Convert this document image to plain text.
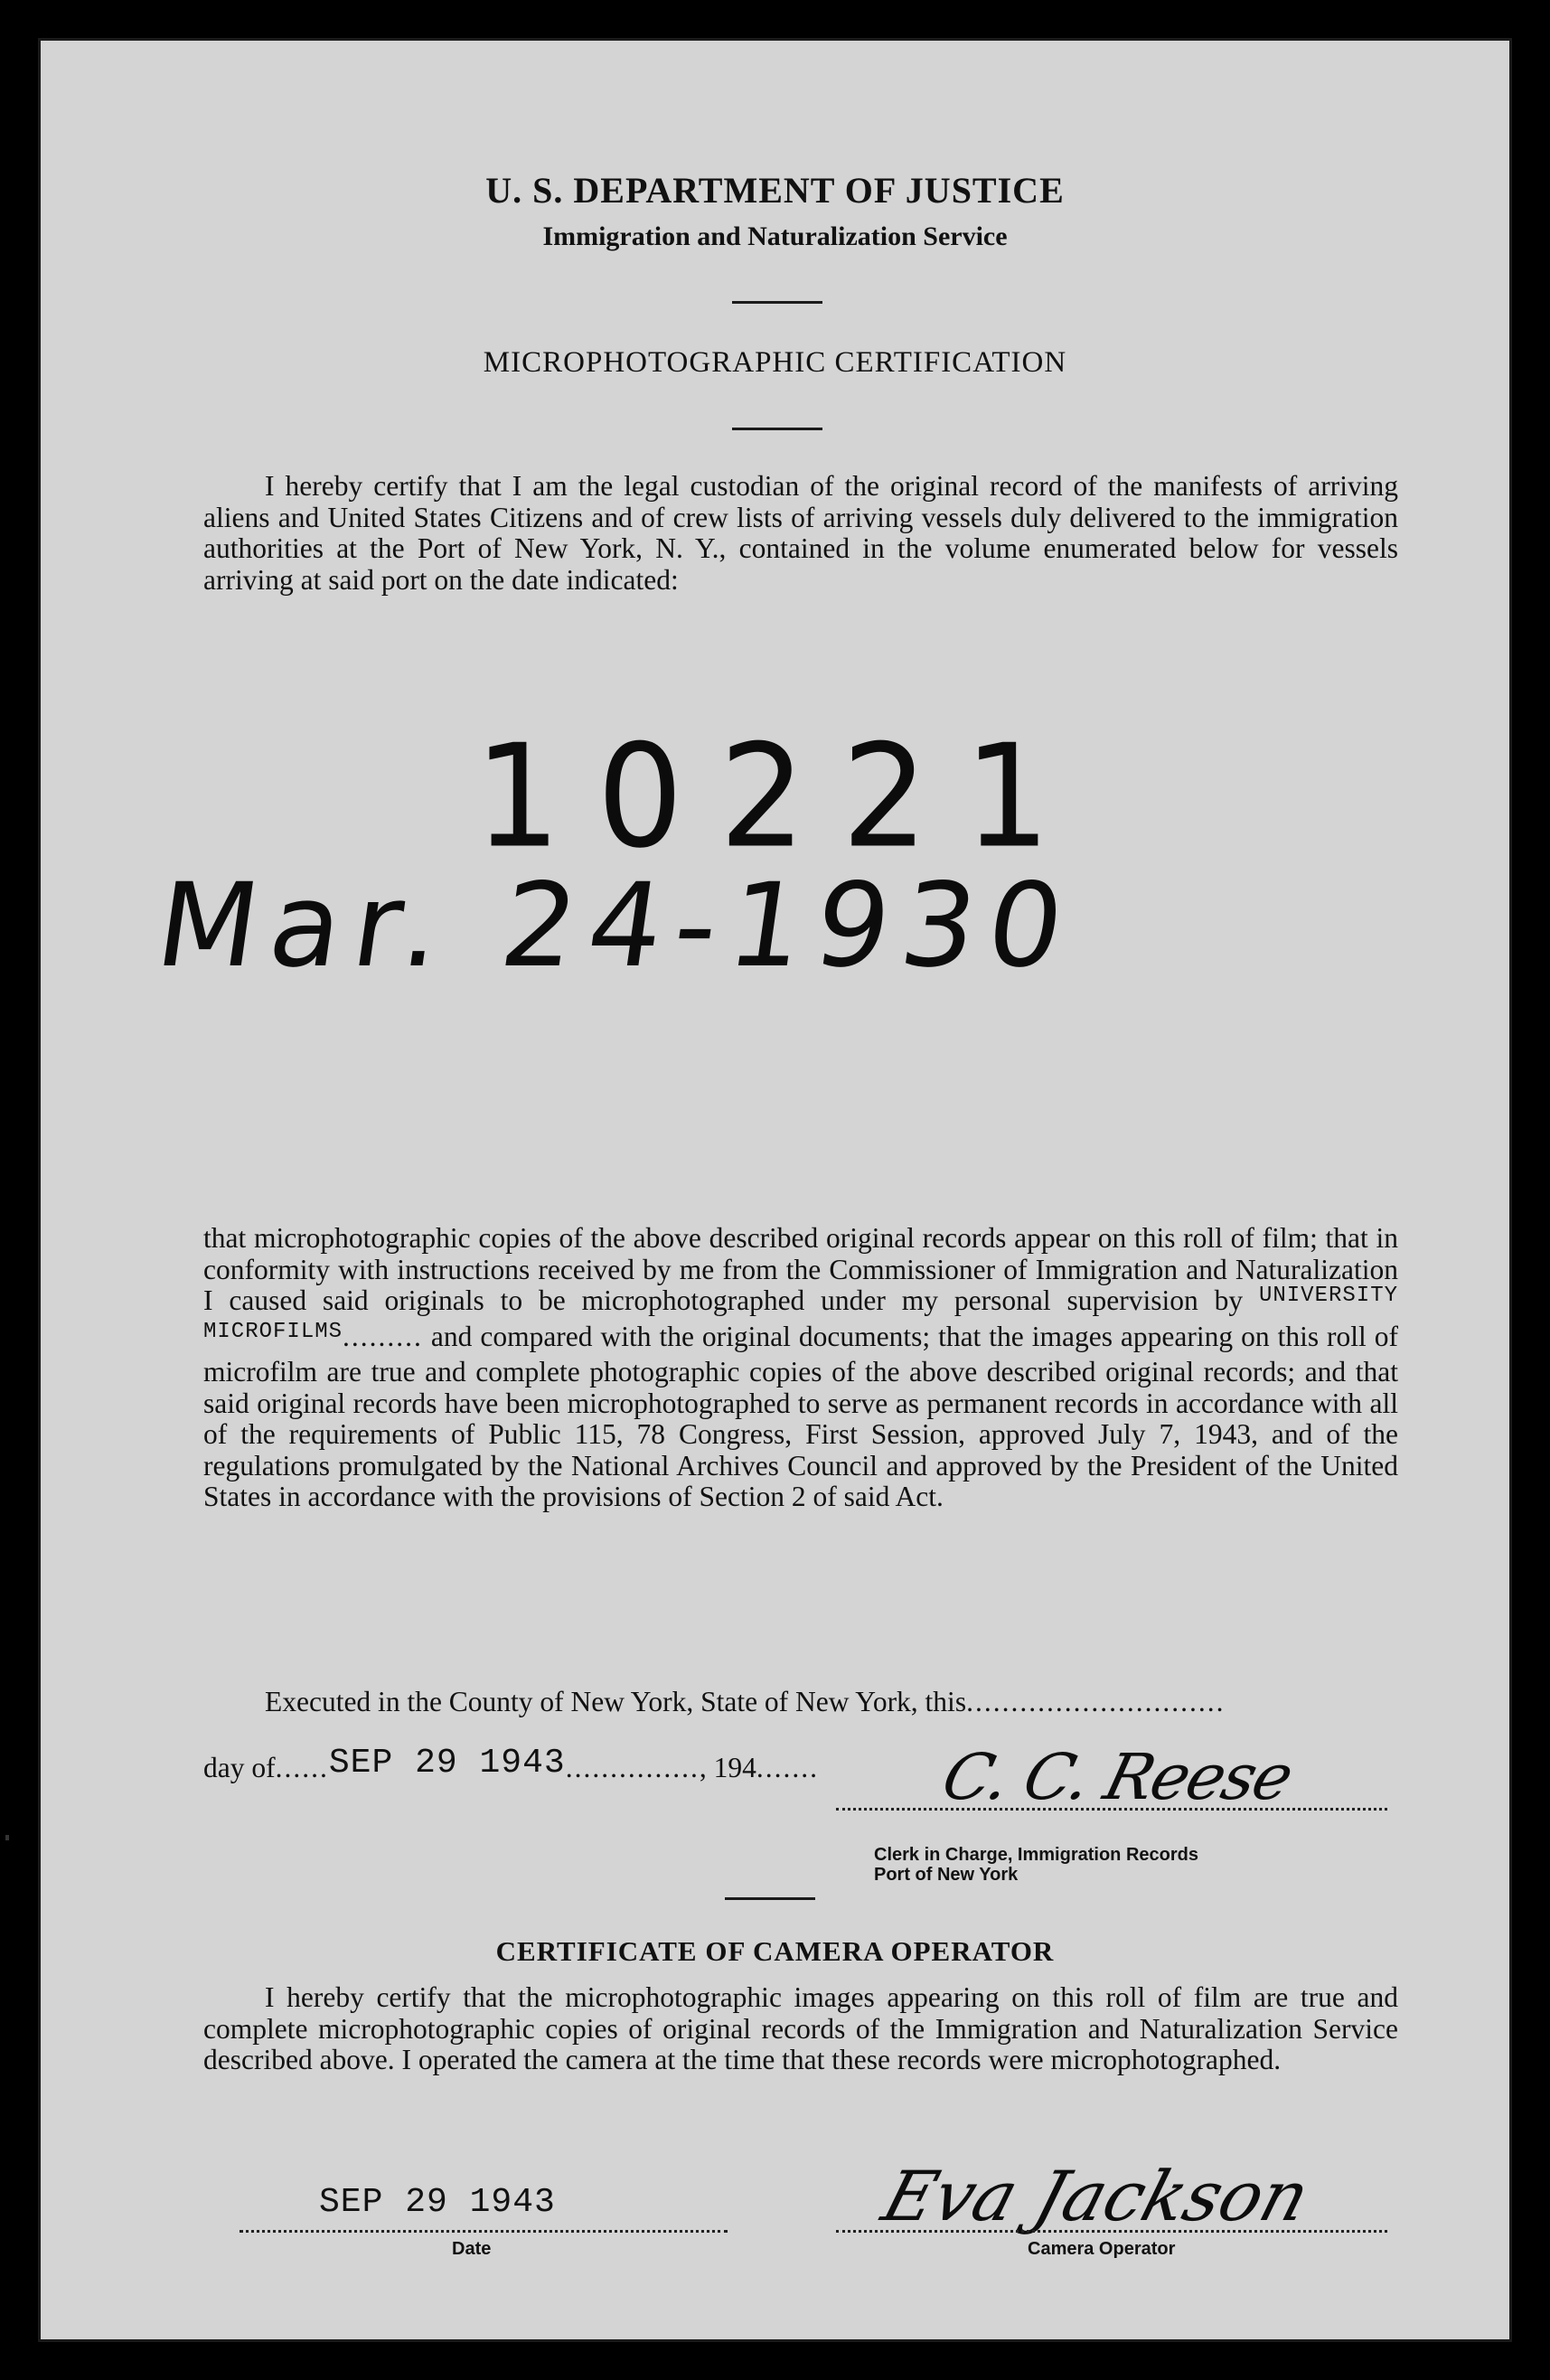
U. S. DEPARTMENT OF JUSTICE
Immigration and Naturalization Service
MICROPHOTOGRAPHIC CERTIFICATION
I hereby certify that I am the legal custodian of the original record of the manifests of arriving aliens and United States Citizens and of crew lists of arriving vessels duly delivered to the immigration authorities at the Port of New York, N. Y., contained in the volume enumerated below for vessels arriving at said port on the date indicated:
10221
Mar. 24-1930
that microphotographic copies of the above described original records appear on this roll of film; that in conformity with instructions received by me from the Commissioner of Immigration and Naturalization I caused said originals to be microphotographed under my personal supervision by $^{UNIVERSITY MICROFILMS}$......... and compared with the original documents; that the images appearing on this roll of microfilm are true and complete photographic copies of the above described original records; and that said original records have been microphotographed to serve as permanent records in accordance with all of the requirements of Public 115, 78 Congress, First Session, approved July 7, 1943, and of the regulations promulgated by the National Archives Council and approved by the President of the United States in accordance with the provisions of Section 2 of said Act.
Executed in the County of New York, State of New York, this.............................
day of......SEP 29 1943..............., 194....... C. C. Reese
Clerk in Charge, Immigration Records
Port of New York
CERTIFICATE OF CAMERA OPERATOR
I hereby certify that the microphotographic images appearing on this roll of film are true and complete microphotographic copies of original records of the Immigration and Naturalization Service described above. I operated the camera at the time that these records were microphotographed.
SEP 29 1943
Date
Eva Jackson
Camera Operator
